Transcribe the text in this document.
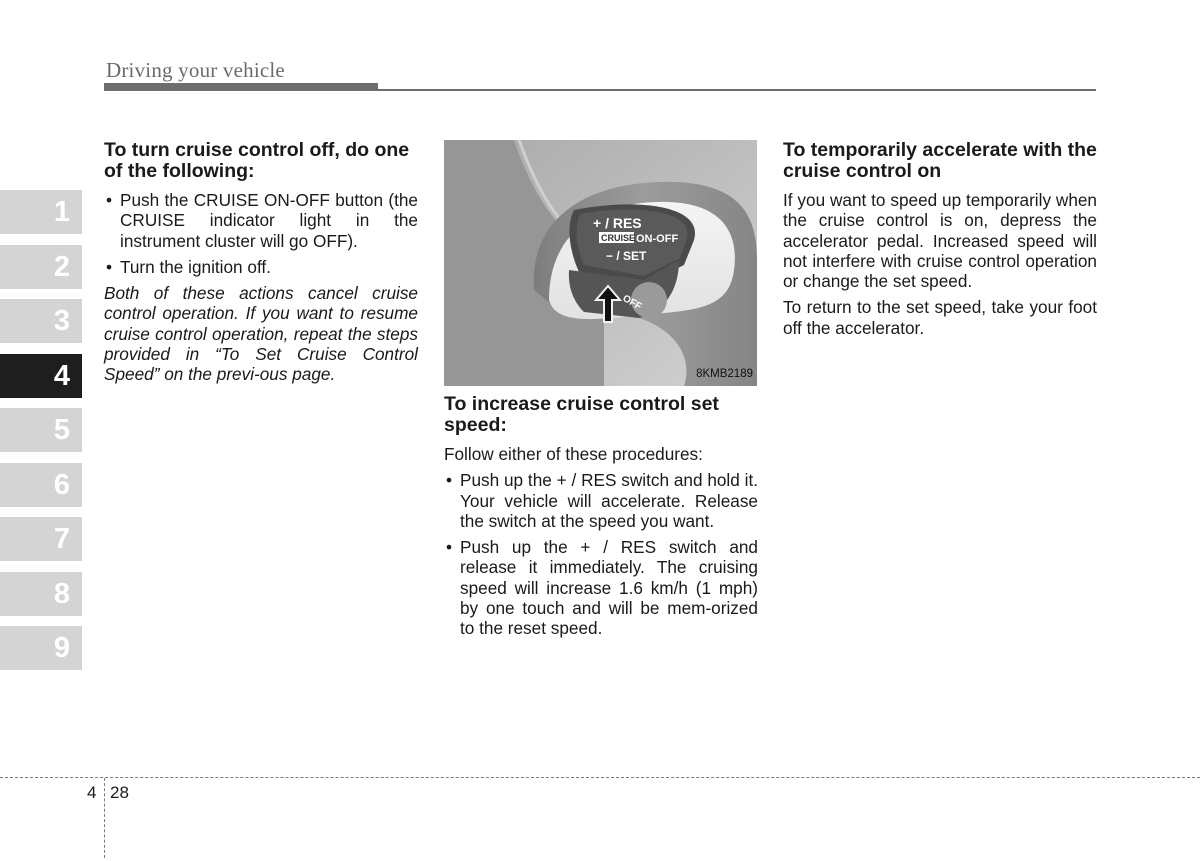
Driving your vehicle
1
2
3
4
5
6
7
8
9
To turn cruise control off, do one of the following:
• Push the CRUISE ON-OFF button (the CRUISE indicator light in the instrument cluster will go OFF).
• Turn the ignition off.

Both of these actions cancel cruise control operation. If you want to resume cruise control operation, repeat the steps provided in “To Set Cruise Control Speed” on the previ-ous page.

+ / RES
CRUISE ON-OFF
− / SET
OFF
8KMB2189
To increase cruise control set speed:

Follow either of these procedures:

• Push up the + / RES switch and hold it. Your vehicle will accelerate. Release the switch at the speed you want.
• Push up the + / RES switch and release it immediately. The cruising speed will increase 1.6 km/h (1 mph) by one touch and will be mem-orized to the reset speed.
To temporarily accelerate with the cruise control on

If you want to speed up temporarily when the cruise control is on, depress the accelerator pedal. Increased speed will not interfere with cruise control operation or change the set speed.

To return to the set speed, take your foot off the accelerator.

4 28
